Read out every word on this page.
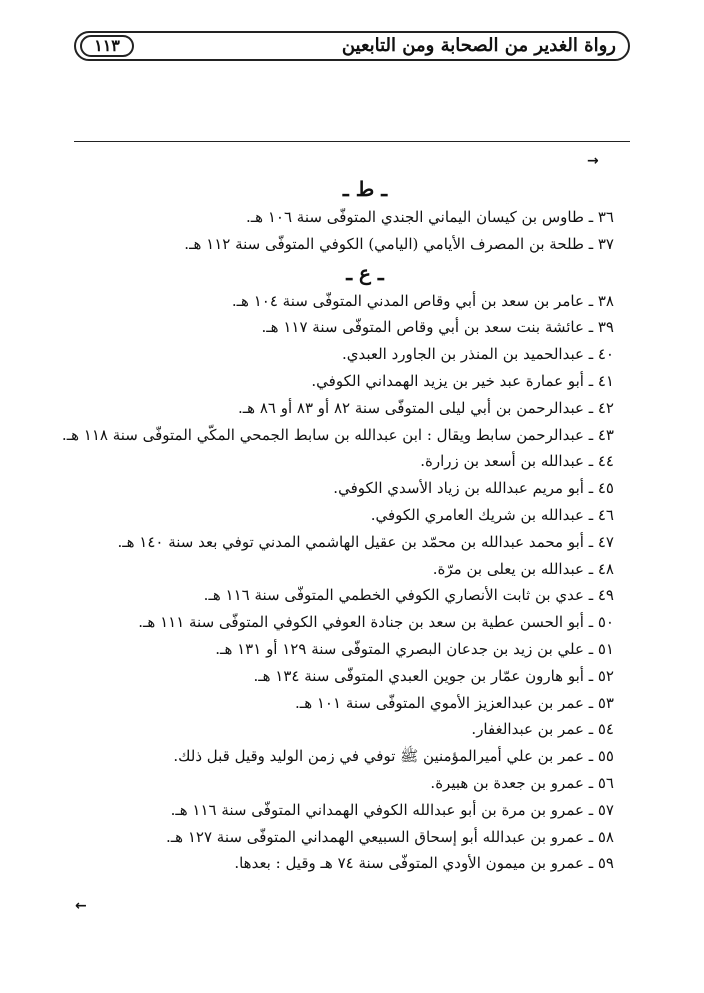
١١٣	رواة الغدير من الصحابة ومن التابعين
→
ـ ط ـ
٣٦ ـ طاوس بن كيسان اليماني الجندي المتوفّى سنة ١٠٦ هـ.
٣٧ ـ طلحة بن المصرف الأيامي (اليامي) الكوفي المتوفّى سنة ١١٢ هـ.
ـ ع ـ
٣٨ ـ عامر بن سعد بن أبي وقاص المدني المتوفّى سنة ١٠٤ هـ.
٣٩ ـ عائشة بنت سعد بن أبي وقاص المتوفّى سنة ١١٧ هـ.
٤٠ ـ عبدالحميد بن المنذر بن الجاورد العبدي.
٤١ ـ أبو عمارة عبد خير بن يزيد الهمداني الكوفي.
٤٢ ـ عبدالرحمن بن أبي ليلى المتوفّى سنة ٨٢ أو ٨٣ أو ٨٦ هـ.
٤٣ ـ عبدالرحمن سابط ويقال : ابن عبدالله بن سابط الجمحي المكّي المتوفّى سنة ١١٨ هـ.
٤٤ ـ عبدالله بن أسعد بن زرارة.
٤٥ ـ أبو مريم عبدالله بن زياد الأسدي الكوفي.
٤٦ ـ عبدالله بن شريك العامري الكوفي.
٤٧ ـ أبو محمد عبدالله بن محمّد بن عقيل الهاشمي المدني توفي بعد سنة ١٤٠ هـ.
٤٨ ـ عبدالله بن يعلى بن مرّة.
٤٩ ـ عدي بن ثابت الأنصاري الكوفي الخطمي المتوفّى سنة ١١٦ هـ.
٥٠ ـ أبو الحسن عطية بن سعد بن جنادة العوفي الكوفي المتوفّى سنة ١١١ هـ.
٥١ ـ علي بن زيد بن جدعان البصري المتوفّى سنة ١٢٩ أو ١٣١ هـ.
٥٢ ـ أبو هارون عمّار بن جوين العبدي المتوفّى سنة ١٣٤ هـ.
٥٣ ـ عمر بن عبدالعزيز الأموي المتوفّى سنة ١٠١ هـ.
٥٤ ـ عمر بن عبدالغفار.
٥٥ ـ عمر بن علي أميرالمؤمنين ﷺ توفي في زمن الوليد وقيل قبل ذلك.
٥٦ ـ عمرو بن جعدة بن هبيرة.
٥٧ ـ عمرو بن مرة بن أبو عبدالله الكوفي الهمداني المتوفّى سنة ١١٦ هـ.
٥٨ ـ عمرو بن عبدالله أبو إسحاق السبيعي الهمداني المتوفّى سنة ١٢٧ هـ.
٥٩ ـ عمرو بن ميمون الأودي المتوفّى سنة ٧٤ هـ وقيل : بعدها.
←
